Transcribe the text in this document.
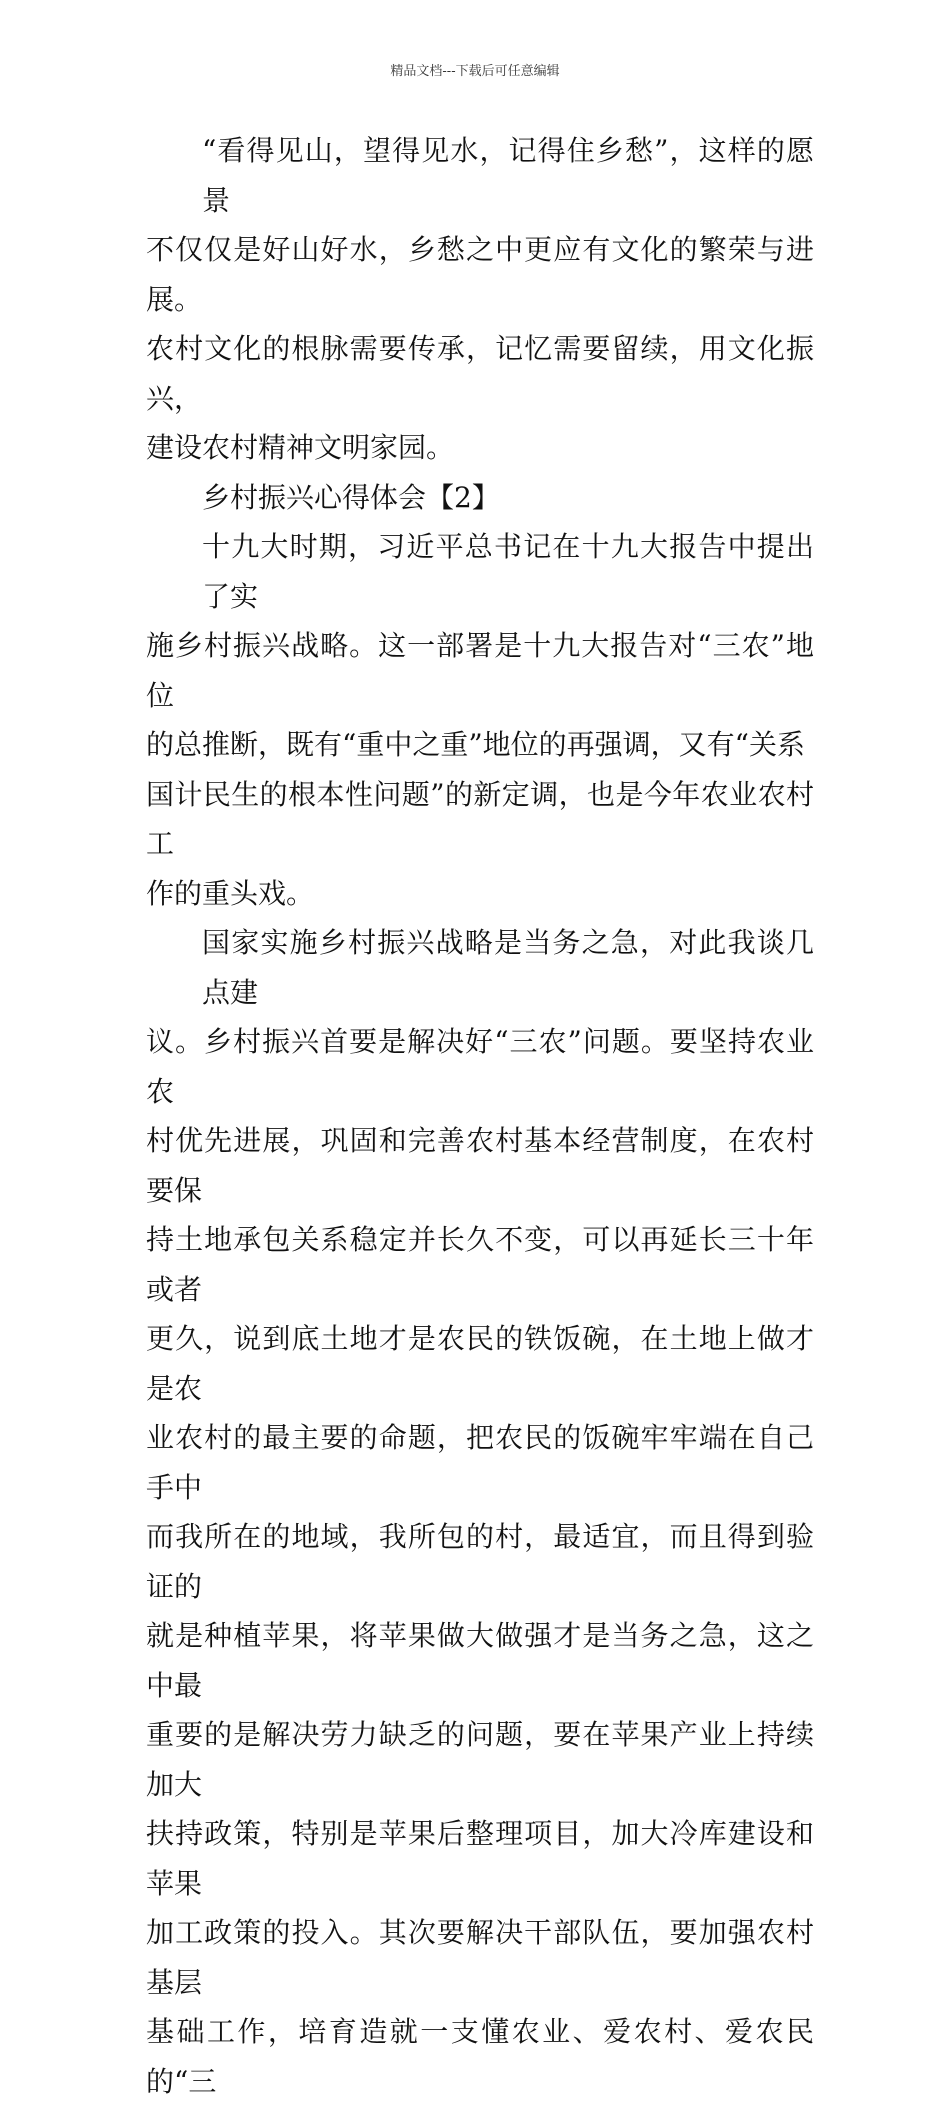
精品文档---下载后可任意编辑
“看得见山，望得见水，记得住乡愁”，这样的愿景
不仅仅是好山好水，乡愁之中更应有文化的繁荣与进展。
农村文化的根脉需要传承，记忆需要留续，用文化振兴，
建设农村精神文明家园。
乡村振兴心得体会【2】
十九大时期，习近平总书记在十九大报告中提出了实
施乡村振兴战略。这一部署是十九大报告对“三农”地位
的总推断，既有“重中之重”地位的再强调，又有“关系
国计民生的根本性问题”的新定调，也是今年农业农村工
作的重头戏。
国家实施乡村振兴战略是当务之急，对此我谈几点建
议。乡村振兴首要是解决好“三农”问题。要坚持农业农
村优先进展，巩固和完善农村基本经营制度，在农村要保
持土地承包关系稳定并长久不变，可以再延长三十年或者
更久，说到底土地才是农民的铁饭碗，在土地上做才是农
业农村的最主要的命题，把农民的饭碗牢牢端在自己手中
而我所在的地域，我所包的村，最适宜，而且得到验证的
就是种植苹果，将苹果做大做强才是当务之急，这之中最
重要的是解决劳力缺乏的问题，要在苹果产业上持续加大
扶持政策，特别是苹果后整理项目，加大冷库建设和苹果
加工政策的投入。其次要解决干部队伍，要加强农村基层
基础工作，培育造就一支懂农业、爱农村、爱农民的“三
